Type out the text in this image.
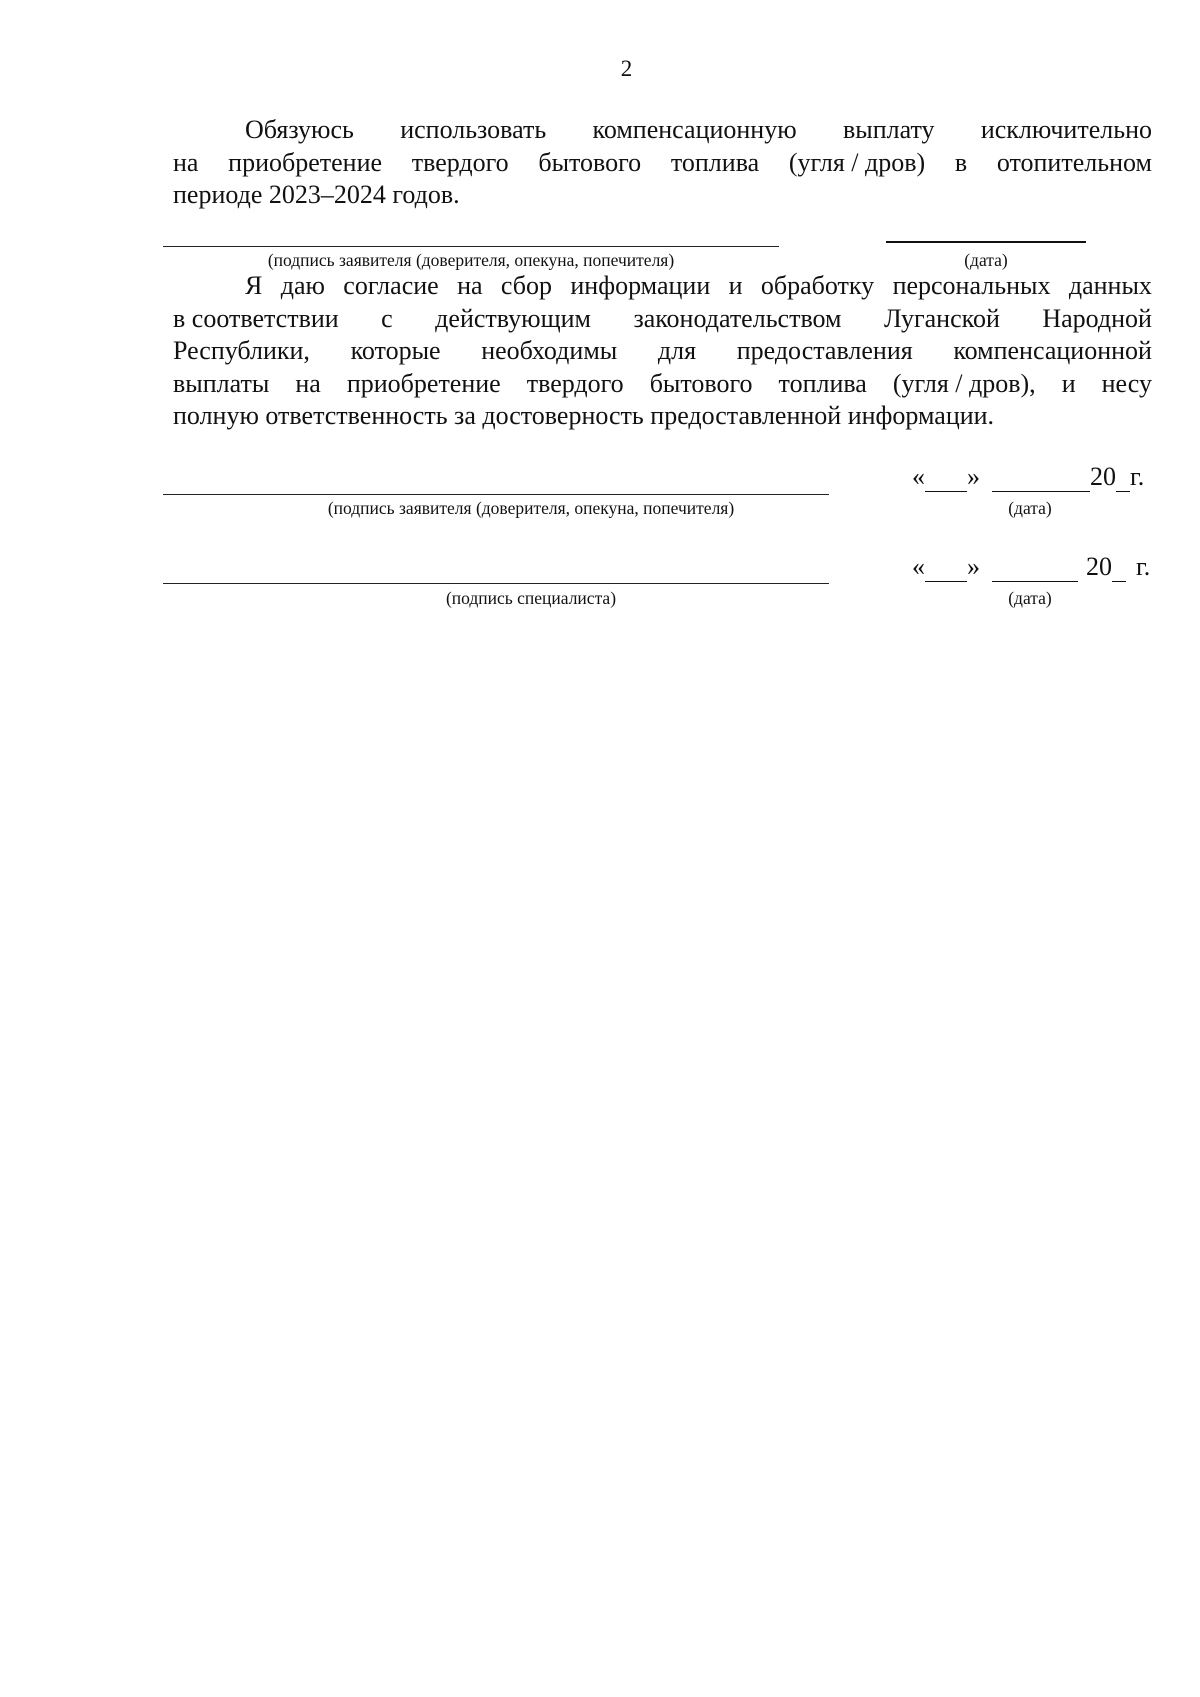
2
Обязуюсь использовать компенсационную выплату исключительно
на приобретение твердого бытового топлива (угля / дров) в отопительном
периоде 2023–2024 годов.
(подпись заявителя (доверителя, опекуна, попечителя)	(дата)
Я даю согласие на сбор информации и обработку персональных данных
в соответствии с действующим законодательством Луганской Народной
Республики, которые необходимы для предоставления компенсационной
выплаты на приобретение твердого бытового топлива (угля / дров), и несу
полную ответственность за достоверность предоставленной информации.
(подпись заявителя (доверителя, опекуна, попечителя)
« »	20 г.
(дата)
(подпись специалиста)
« »	20 г.
(дата)
